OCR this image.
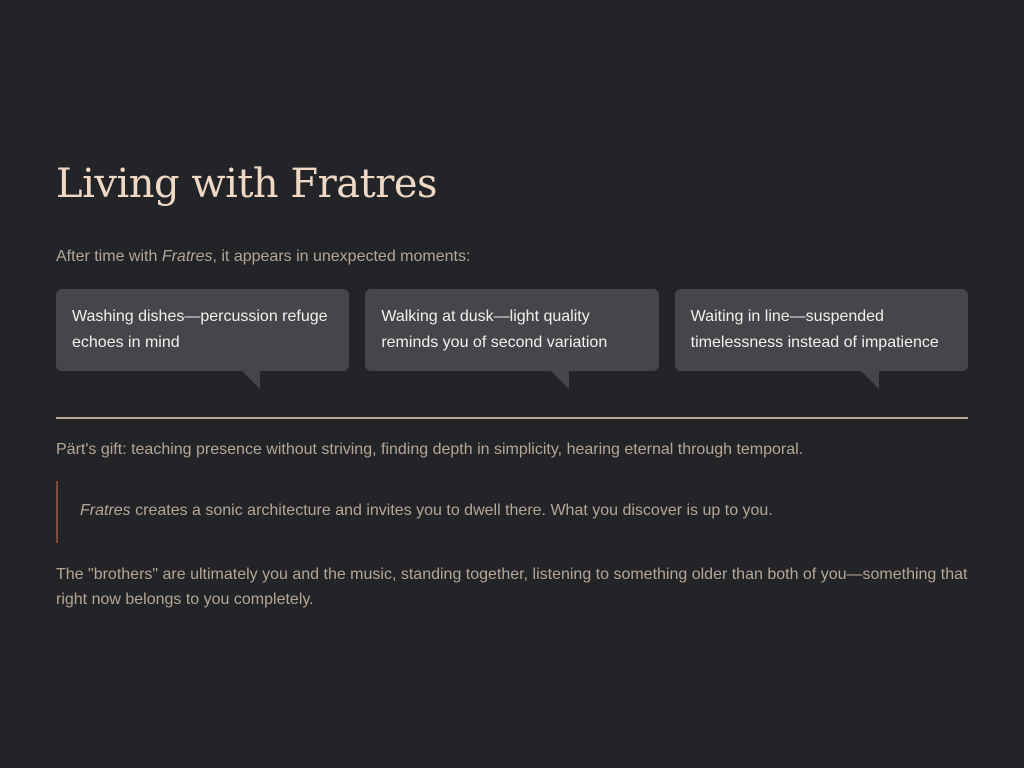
Living with Fratres

After time with Fratres, it appears in unexpected moments:

Washing dishes—percussion refuge echoes in mind
Walking at dusk—light quality reminds you of second variation
Waiting in line—suspended timelessness instead of impatience

Pärt's gift: teaching presence without striving, finding depth in simplicity, hearing eternal through temporal.

Fratres creates a sonic architecture and invites you to dwell there. What you discover is up to you.

The "brothers" are ultimately you and the music, standing together, listening to something older than both of you—something that right now belongs to you completely.
